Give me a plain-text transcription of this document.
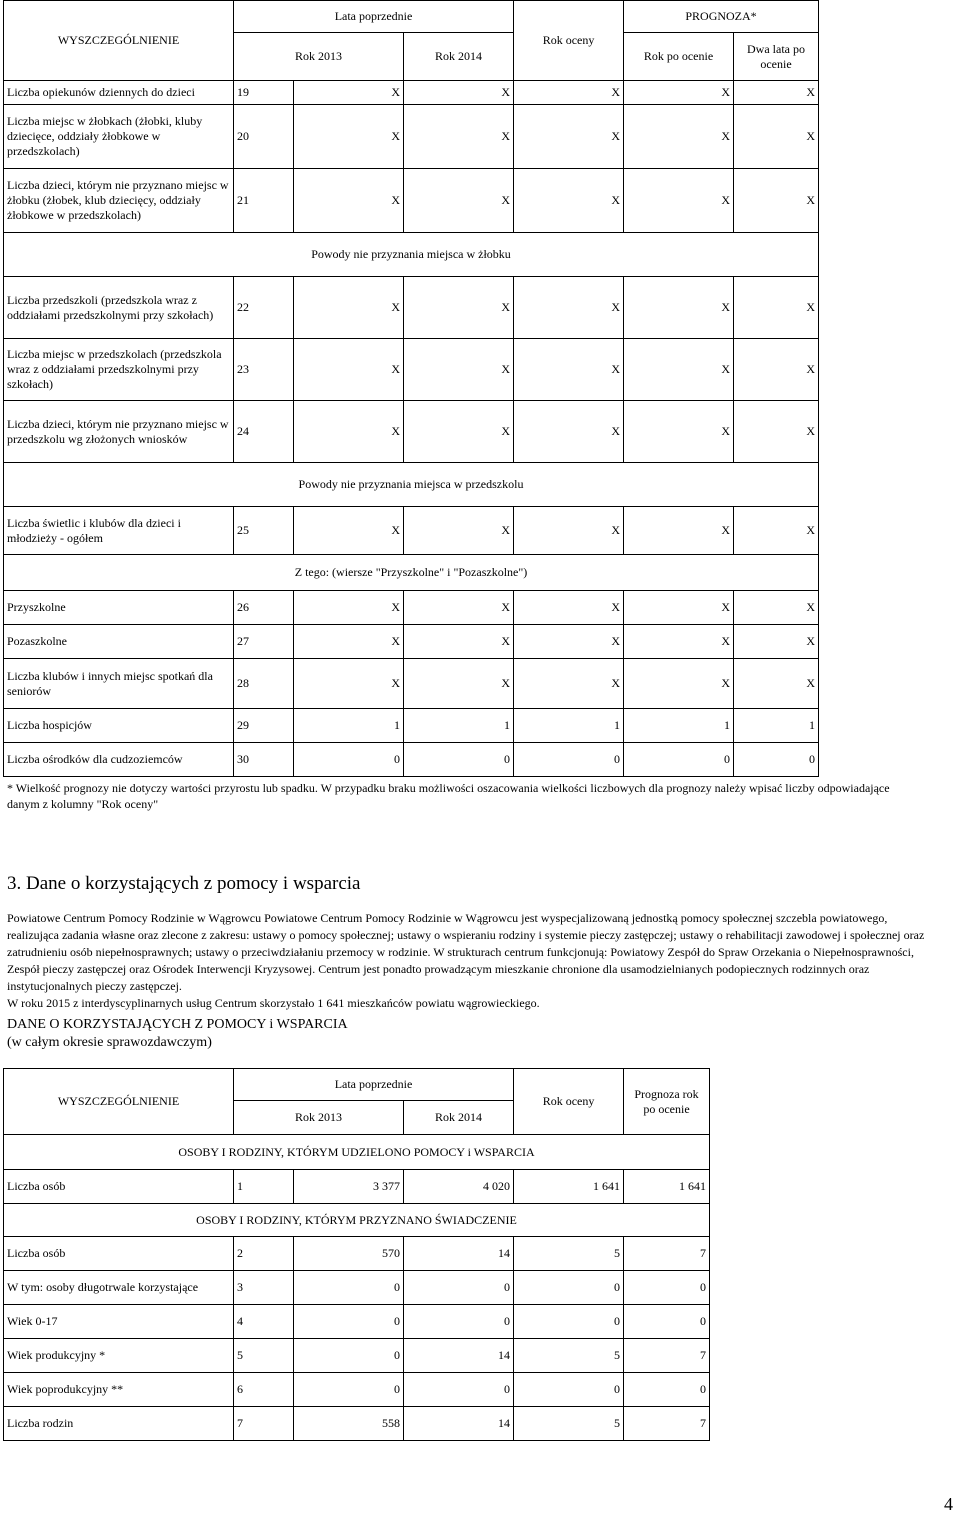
WYSZCZEGÓLNIENIE	Lata poprzednie			Rok oceny	PROGNOZA*	
	Rok 2013		Rok 2014		Rok po ocenie	Dwa lata po ocenie
Liczba opiekunów dziennych do dzieci	19	X	X	X	X	X
Liczba miejsc w żłobkach (żłobki, kluby dziecięce, oddziały żłobkowe w przedszkolach)	20	X	X	X	X	X
Liczba dzieci, którym nie przyznano miejsc w żłobku (żłobek, klub dziecięcy, oddziały żłobkowe w przedszkolach)	21	X	X	X	X	X
Powody nie przyznania miejsca w żłobku						
Liczba przedszkoli (przedszkola wraz z oddziałami przedszkolnymi przy szkołach)	22	X	X	X	X	X
Liczba miejsc w przedszkolach (przedszkola wraz z oddziałami przedszkolnymi przy szkołach)	23	X	X	X	X	X
Liczba dzieci, którym nie przyznano miejsc w przedszkolu wg złożonych wniosków	24	X	X	X	X	X
Powody nie przyznania miejsca w przedszkolu						
Liczba świetlic i klubów dla dzieci i młodzieży - ogółem	25	X	X	X	X	X
Z tego: (wiersze "Przyszkolne" i "Pozaszkolne")						
Przyszkolne	26	X	X	X	X	X
Pozaszkolne	27	X	X	X	X	X
Liczba klubów i innych miejsc spotkań dla seniorów	28	X	X	X	X	X
Liczba hospicjów	29	1	1	1	1	1
Liczba ośrodków dla cudzoziemców	30	0	0	0	0	0
* Wielkość prognozy nie dotyczy wartości przyrostu lub spadku. W przypadku braku możliwości oszacowania wielkości liczbowych dla prognozy należy wpisać liczby odpowiadające danym z kolumny "Rok oceny"
3. Dane o korzystających z pomocy i wsparcia
Powiatowe Centrum Pomocy Rodzinie w Wągrowcu Powiatowe Centrum Pomocy Rodzinie w Wągrowcu jest wyspecjalizowaną jednostką pomocy społecznej szczebla powiatowego, realizująca zadania własne oraz zlecone z zakresu: ustawy o pomocy społecznej; ustawy o wspieraniu rodziny i systemie pieczy zastępczej; ustawy o rehabilitacji zawodowej i społecznej oraz zatrudnieniu osób niepełnosprawnych; ustawy o przeciwdziałaniu przemocy w rodzinie. W strukturach centrum funkcjonują: Powiatowy Zespół do Spraw Orzekania o Niepełnosprawności, Zespół pieczy zastępczej oraz Ośrodek Interwencji Kryzysowej. Centrum jest ponadto prowadzącym mieszkanie chronione dla usamodzielnianych podopiecznych rodzinnych oraz instytucjonalnych pieczy zastępczej.
W roku 2015 z interdyscyplinarnych usług Centrum skorzystało 1 641 mieszkańców powiatu wągrowieckiego.
DANE O KORZYSTAJĄCYCH Z POMOCY i WSPARCIA
(w całym okresie sprawozdawczym)
WYSZCZEGÓLNIENIE	Lata poprzednie			Rok oceny	Prognoza rok po ocenie
	Rok 2013		Rok 2014		
OSOBY I RODZINY, KTÓRYM UDZIELONO POMOCY i WSPARCIA					
Liczba osób	1	3 377	4 020	1 641	1 641
OSOBY I RODZINY, KTÓRYM PRZYZNANO ŚWIADCZENIE					
Liczba osób	2	570	14	5	7
W tym: osoby długotrwale korzystające	3	0	0	0	0
Wiek 0-17	4	0	0	0	0
Wiek produkcyjny *	5	0	14	5	7
Wiek poprodukcyjny **	6	0	0	0	0
Liczba rodzin	7	558	14	5	7
4
